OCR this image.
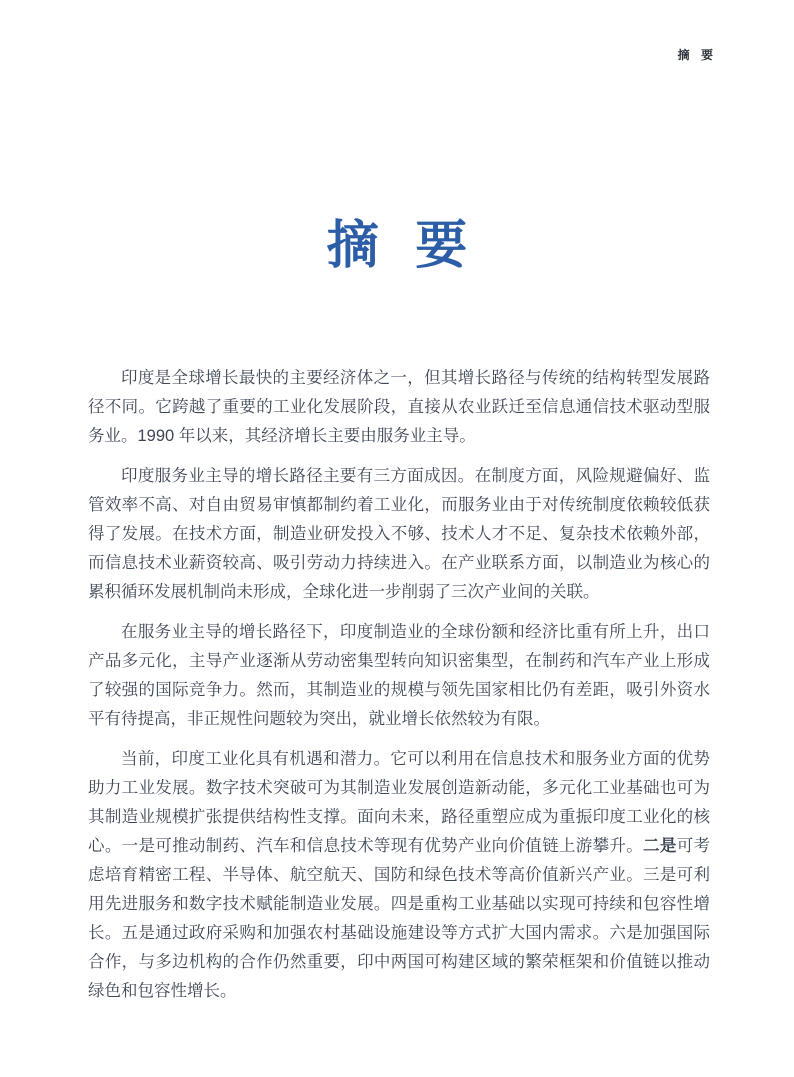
摘 要
摘 要

印度是全球增长最快的主要经济体之一，但其增长路径与传统的结构转型发展路径不同。它跨越了重要的工业化发展阶段，直接从农业跃迁至信息通信技术驱动型服务业。1990 年以来，其经济增长主要由服务业主导。

印度服务业主导的增长路径主要有三方面成因。在制度方面，风险规避偏好、监管效率不高、对自由贸易审慎都制约着工业化，而服务业由于对传统制度依赖较低获得了发展。在技术方面，制造业研发投入不够、技术人才不足、复杂技术依赖外部，而信息技术业薪资较高、吸引劳动力持续进入。在产业联系方面，以制造业为核心的累积循环发展机制尚未形成，全球化进一步削弱了三次产业间的关联。

在服务业主导的增长路径下，印度制造业的全球份额和经济比重有所上升，出口产品多元化，主导产业逐渐从劳动密集型转向知识密集型，在制药和汽车产业上形成了较强的国际竞争力。然而，其制造业的规模与领先国家相比仍有差距，吸引外资水平有待提高，非正规性问题较为突出，就业增长依然较为有限。

当前，印度工业化具有机遇和潜力。它可以利用在信息技术和服务业方面的优势助力工业发展。数字技术突破可为其制造业发展创造新动能，多元化工业基础也可为其制造业规模扩张提供结构性支撑。面向未来，路径重塑应成为重振印度工业化的核心。一是可推动制药、汽车和信息技术等现有优势产业向价值链上游攀升。二是可考虑培育精密工程、半导体、航空航天、国防和绿色技术等高价值新兴产业。三是可利用先进服务和数字技术赋能制造业发展。四是重构工业基础以实现可持续和包容性增长。五是通过政府采购和加强农村基础设施建设等方式扩大国内需求。六是加强国际合作，与多边机构的合作仍然重要，印中两国可构建区域的繁荣框架和价值链以推动绿色和包容性增长。
